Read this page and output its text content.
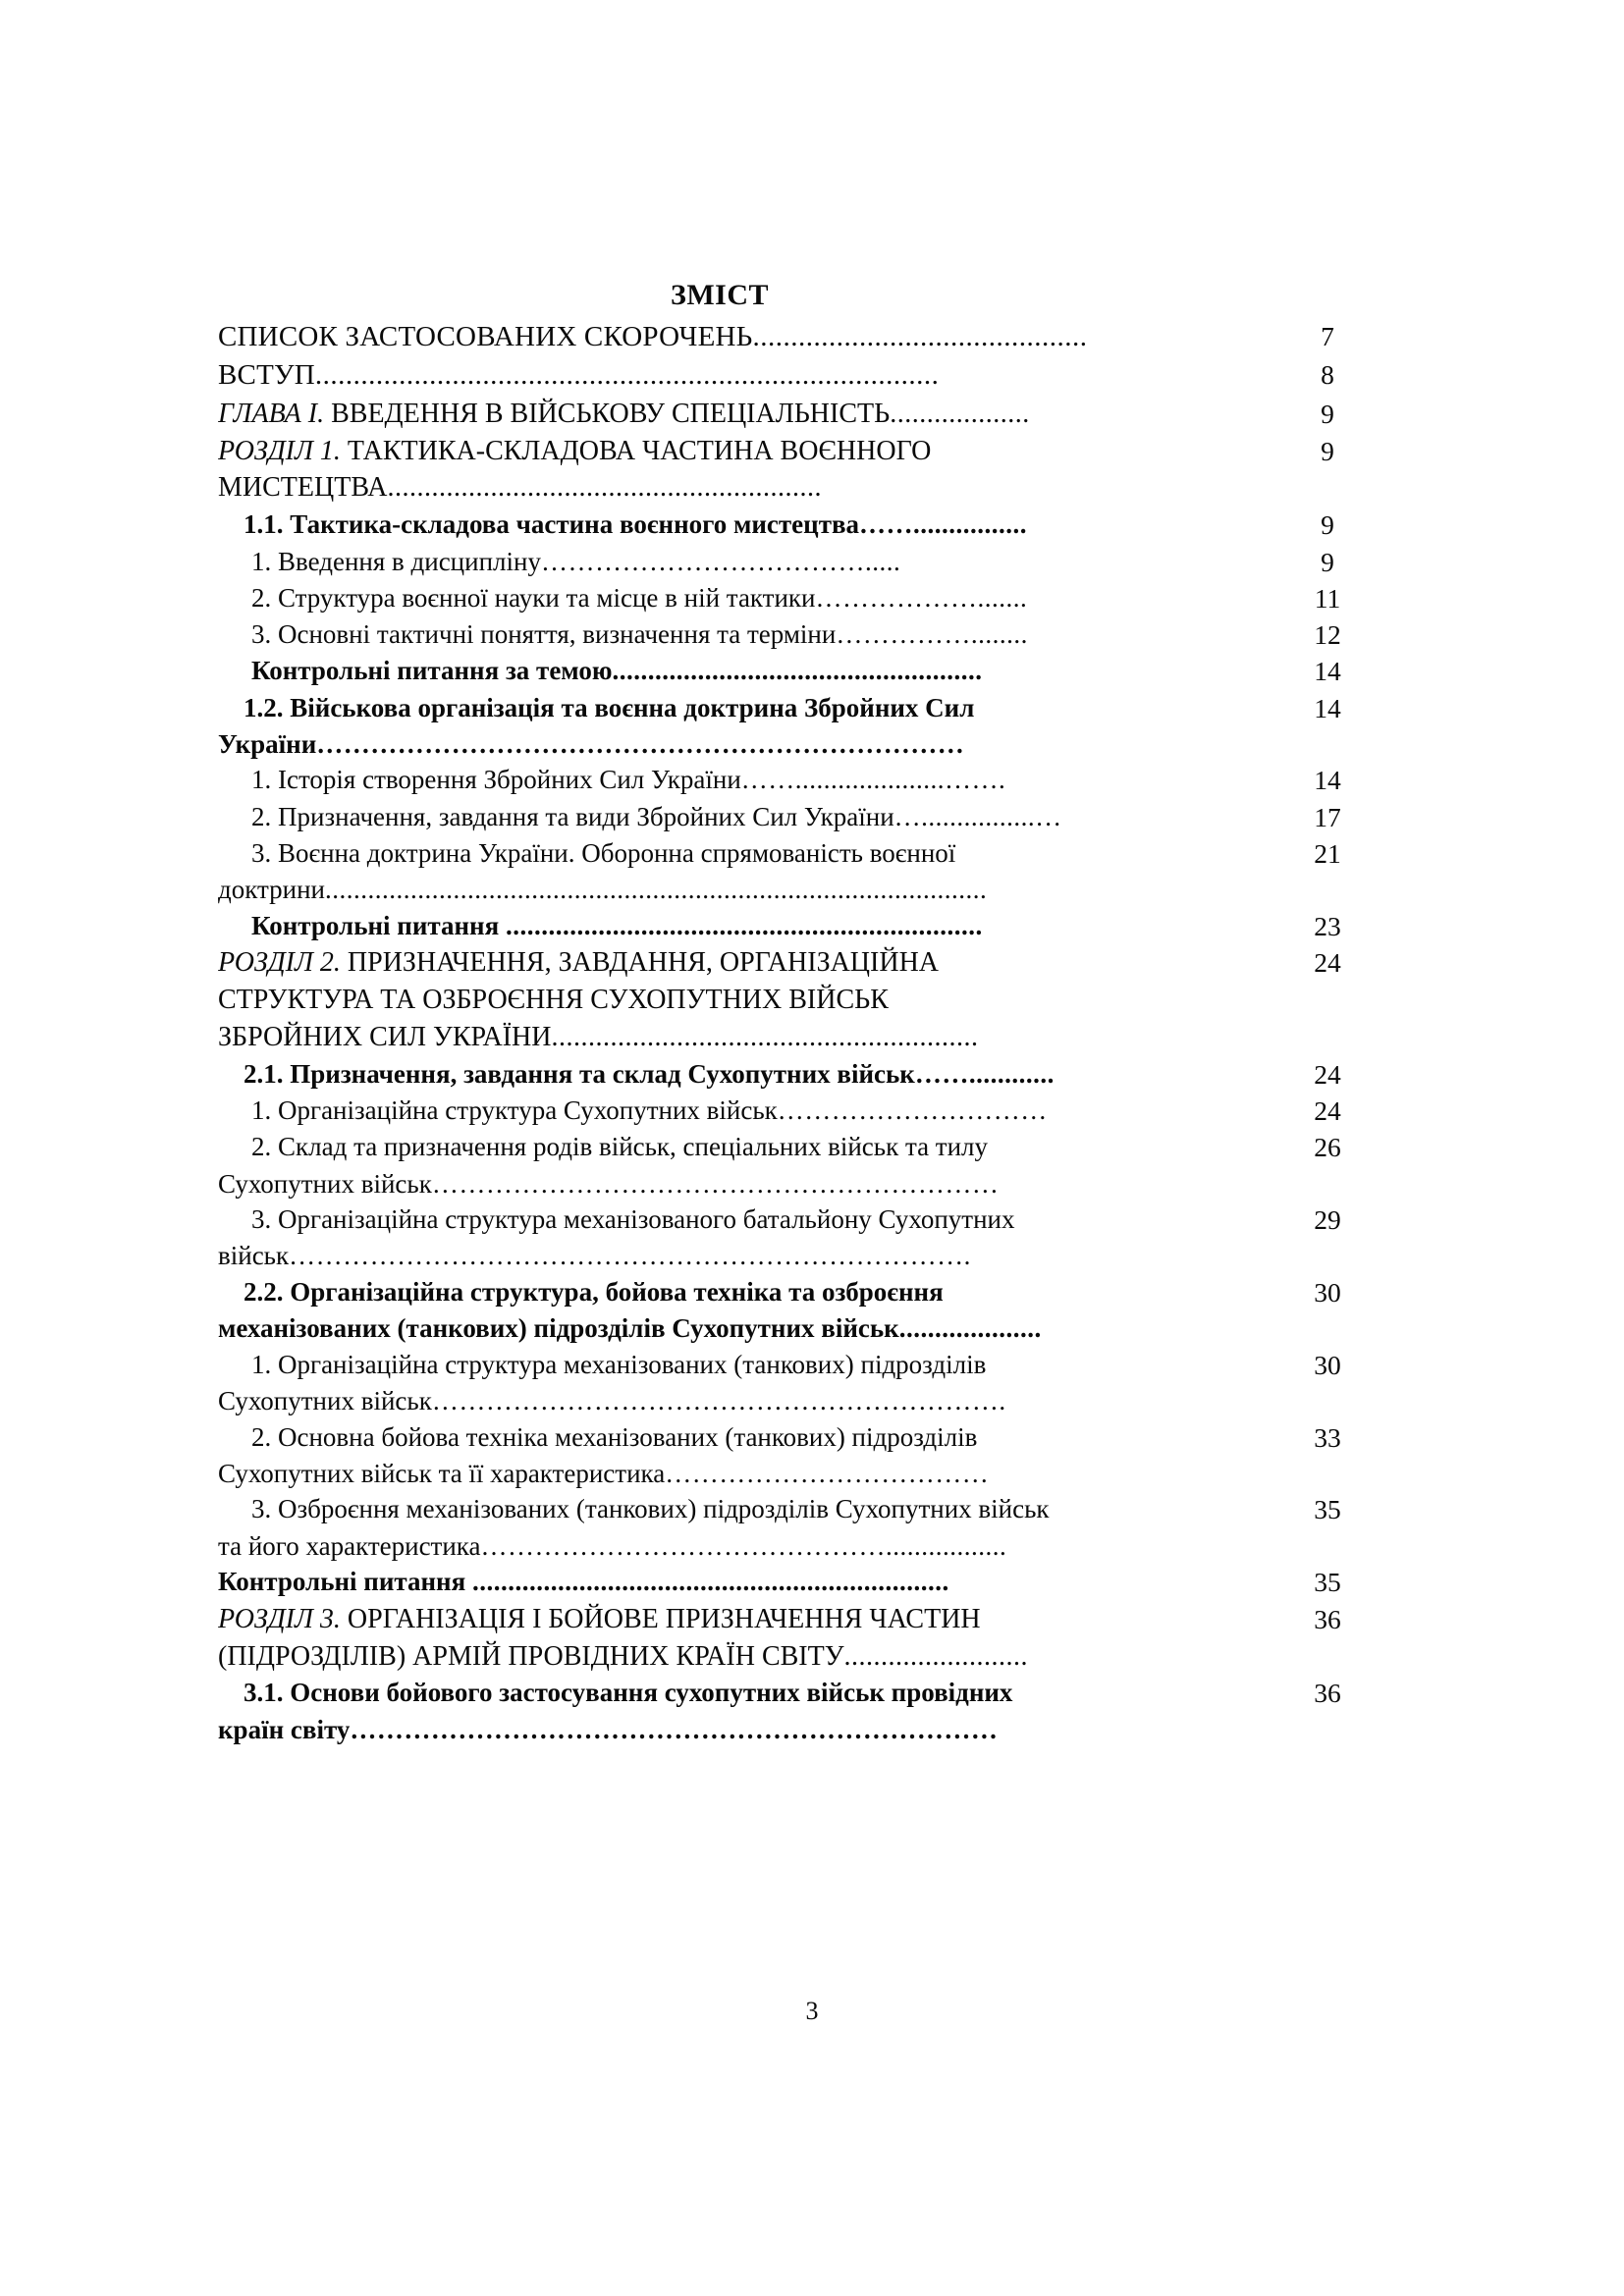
ЗМІСТ
СПИСОК ЗАСТОСОВАНИХ СКОРОЧЕНЬ............................................	7
ВСТУП..................................................................................	8
ГЛАВА І. ВВЕДЕННЯ В ВІЙСЬКОВУ СПЕЦІАЛЬНІСТЬ...................	9
РОЗДІЛ 1. ТАКТИКА-СКЛАДОВА ЧАСТИНА ВОЄННОГО	9
МИСТЕЦТВА...........................................................
1.1. Тактика-складова частина воєнного мистецтва……................	9
1. Введення в дисципліну……………………………….....	9
2. Структура воєнної науки та місце в ній тактики……………….......	11
3. Основні тактичні поняття, визначення та терміни……………........	12
Контрольні питання за темою....................................................	14
1.2. Військова організація та воєнна доктрина Збройних Сил	14
України………………………………………………………………
1. Історія створення Збройних Сил України…….....................…….	14
2. Призначення, завдання та види Збройних Сил України…................…	17
3. Воєнна доктрина України. Оборонна спрямованість воєнної	21
доктрини.............................................................................................
Контрольні питання ...................................................................	23
РОЗДІЛ 2. ПРИЗНАЧЕННЯ, ЗАВДАННЯ, ОРГАНІЗАЦІЙНА	24
СТРУКТУРА ТА ОЗБРОЄННЯ СУХОПУТНИХ ВІЙСЬК
ЗБРОЙНИХ СИЛ УКРАЇНИ..........................................................
2.1. Призначення, завдання та склад Сухопутних військ……............	24
1. Організаційна структура Сухопутних військ…………………………	24
2. Склад та призначення родів військ, спеціальних військ та тилу	26
Сухопутних військ………………………………………………………
3. Організаційна структура механізованого батальйону Сухопутних	29
військ………………………………………………………………….
2.2. Організаційна структура, бойова техніка та озброєння	30
механізованих (танкових) підрозділів Сухопутних військ....................
1. Організаційна структура механізованих (танкових) підрозділів	30
Сухопутних військ……………………………………………………….
2. Основна бойова техніка механізованих (танкових) підрозділів	33
Сухопутних військ та її характеристика………………………………
3. Озброєння механізованих (танкових) підрозділів Сухопутних військ	35
та його характеристика……………………………………….................
Контрольні питання ...................................................................	35
РОЗДІЛ 3. ОРГАНІЗАЦІЯ І БОЙОВЕ ПРИЗНАЧЕННЯ ЧАСТИН	36
(ПІДРОЗДІЛІВ) АРМІЙ ПРОВІДНИХ КРАЇН СВІТУ.........................
3.1. Основи бойового застосування сухопутних військ провідних	36
країн світу………………………………………………………………
3
